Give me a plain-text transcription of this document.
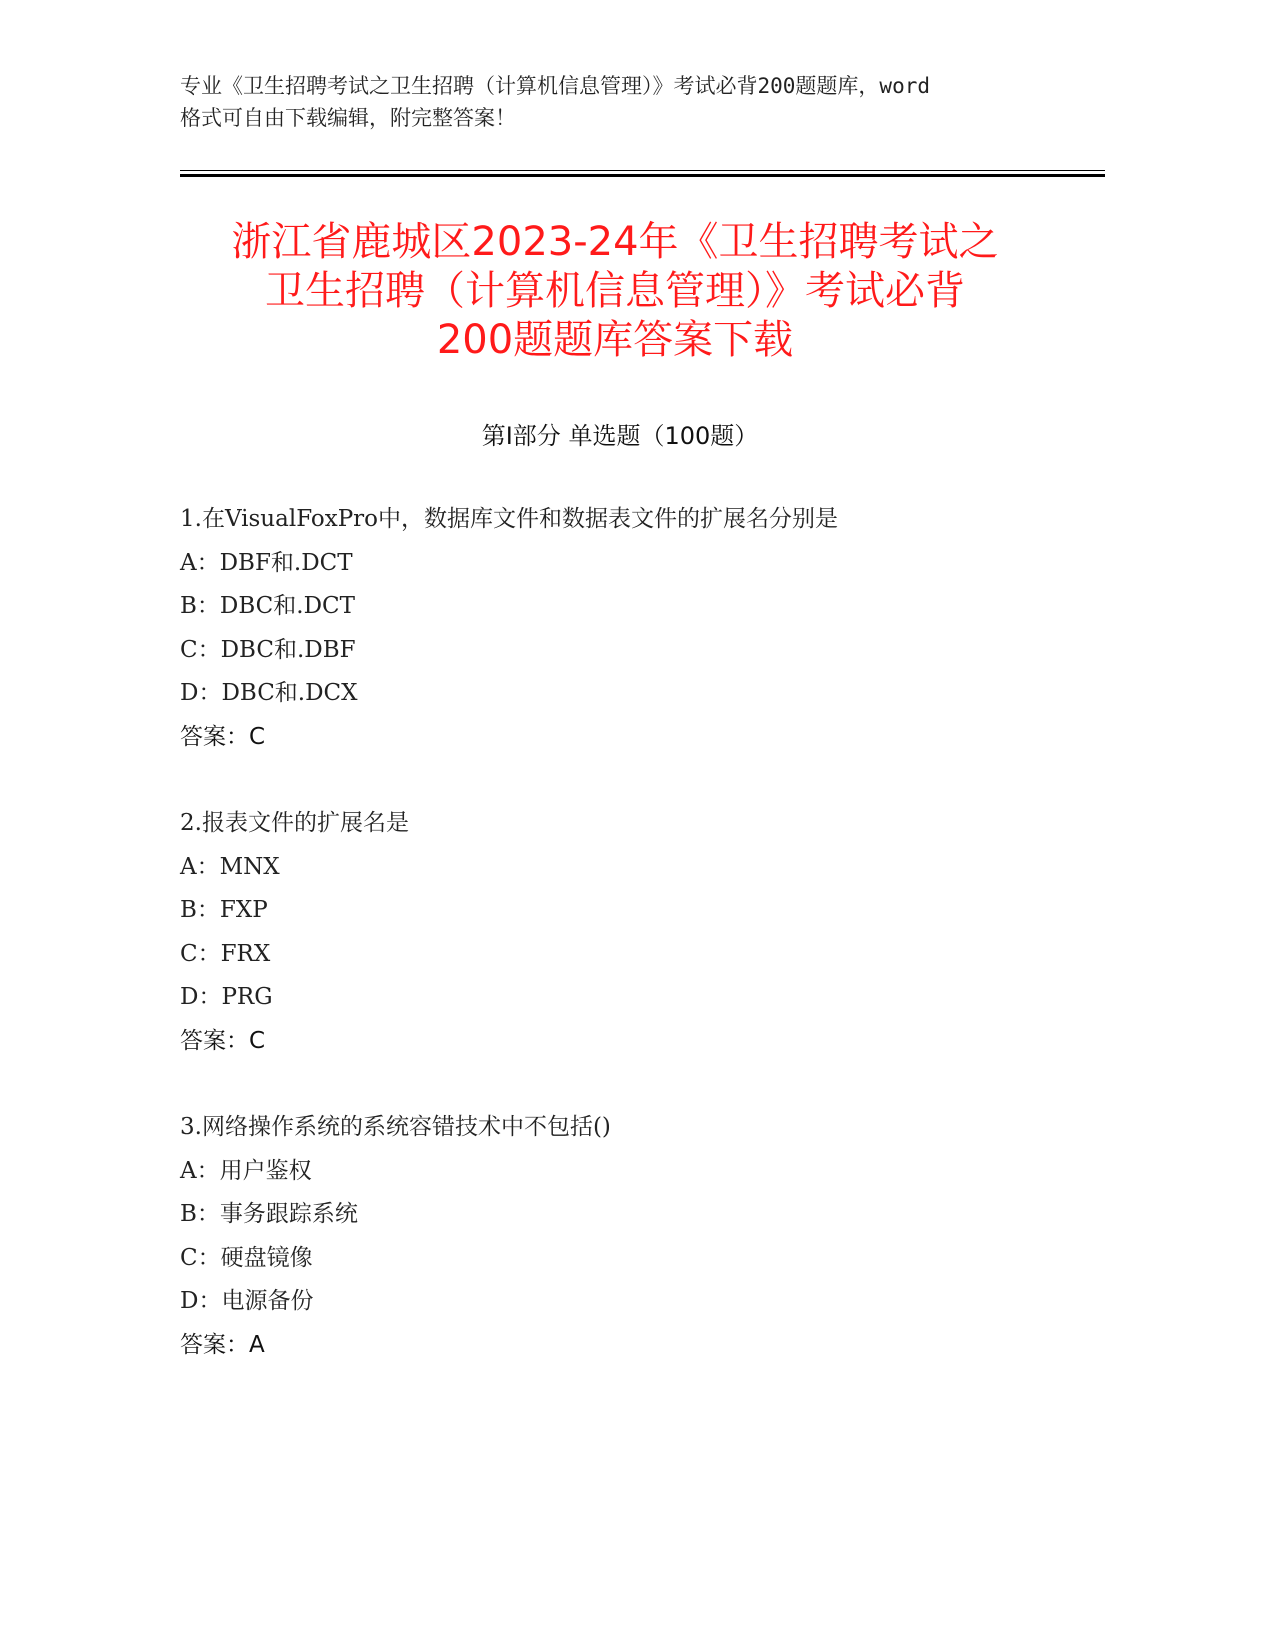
专业《卫生招聘考试之卫生招聘（计算机信息管理）》考试必背200题题库，word
格式可自由下载编辑，附完整答案！
浙江省鹿城区2023-24年《卫生招聘考试之
卫生招聘（计算机信息管理）》考试必背
200题题库答案下载
第Ⅰ部分 单选题（100题）
1.在VisualFoxPro中，数据库文件和数据表文件的扩展名分别是
A：DBF和.DCT
B：DBC和.DCT
C：DBC和.DBF
D：DBC和.DCX
答案：C
2.报表文件的扩展名是
A：MNX
B：FXP
C：FRX
D：PRG
答案：C
3.网络操作系统的系统容错技术中不包括()
A：用户鉴权
B：事务跟踪系统
C：硬盘镜像
D：电源备份
答案：A
